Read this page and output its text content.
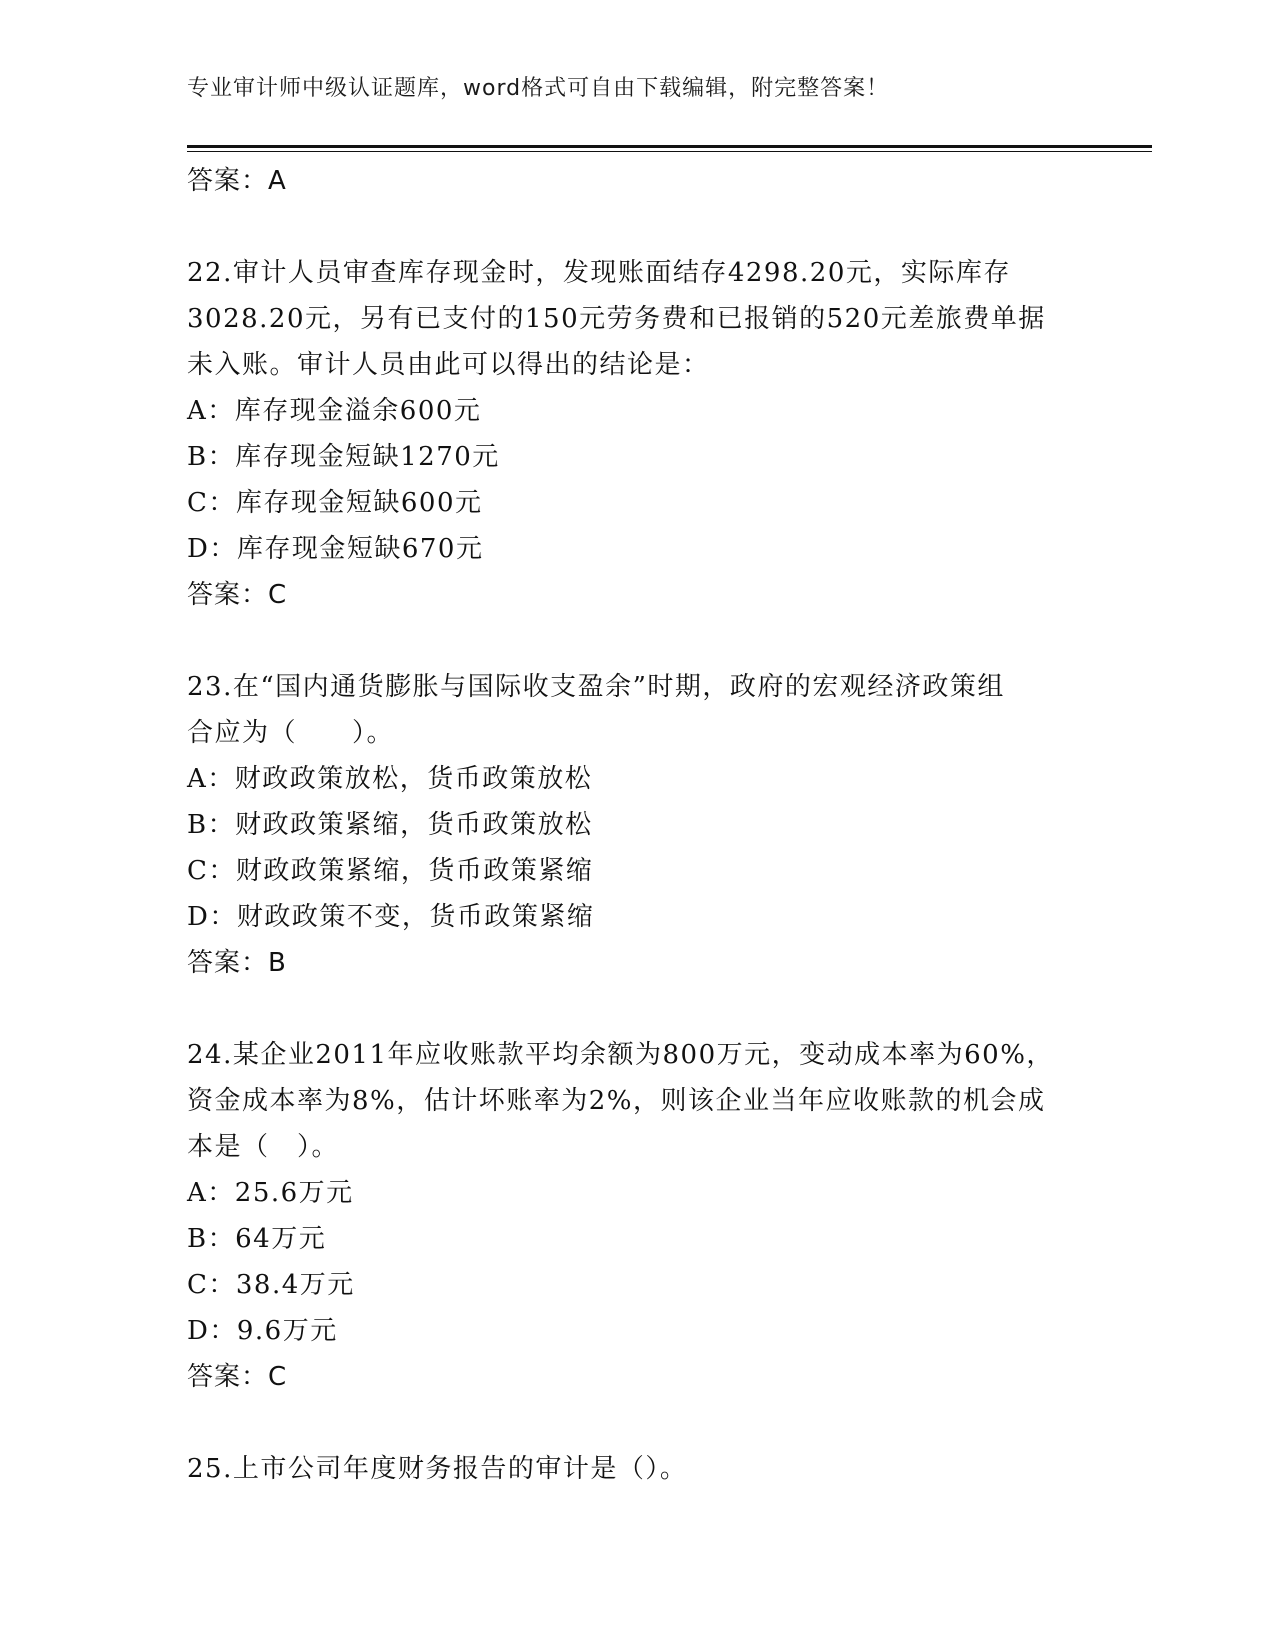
专业审计师中级认证题库，word格式可自由下载编辑，附完整答案！
答案：A
22.审计人员审查库存现金时，发现账面结存4298.20元，实际库存
3028.20元，另有已支付的150元劳务费和已报销的520元差旅费单据
未入账。审计人员由此可以得出的结论是：
A：库存现金溢余600元
B：库存现金短缺1270元
C：库存现金短缺600元
D：库存现金短缺670元
答案：C
23.在“国内通货膨胀与国际收支盈余”时期，政府的宏观经济政策组
合应为（　　）。
A：财政政策放松，货币政策放松
B：财政政策紧缩，货币政策放松
C：财政政策紧缩，货币政策紧缩
D：财政政策不变，货币政策紧缩
答案：B
24.某企业2011年应收账款平均余额为800万元，变动成本率为60%，
资金成本率为8%，估计坏账率为2%，则该企业当年应收账款的机会成
本是（　）。
A：25.6万元
B：64万元
C：38.4万元
D：9.6万元
答案：C
25.上市公司年度财务报告的审计是（）。
